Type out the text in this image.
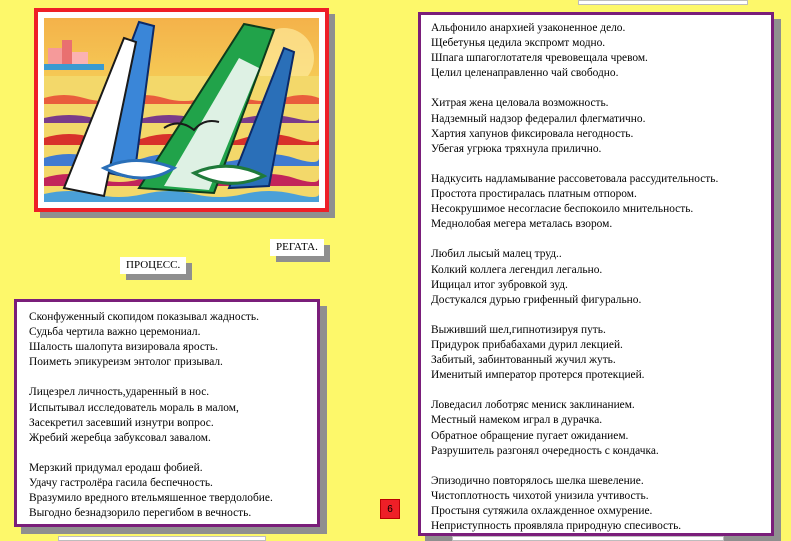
РЕГАТА.
ПРОЦЕСС.
Сконфуженный скопидом показывал жадность.
Судьба чертила важно церемониал.
Шалость шалопута визировала ярость.
Поиметь эпикуреизм энтолог призывал.
Лицезрел личность,ударенный в нос.
Испытывал исследователь мораль в малом,
Засекретил засевший изнутри вопрос.
Жребий жеребца забуксовал завалом.
Мерзкий придумал еродаш фобией.
Удачу гастролёра гасила беспечность.
Вразумило вредного втельмяшенное твердолобие.
Выгодно безнадзорило перегибом в вечность.
Альфонило анархией узаконенное дело.
Щебетунья цедила экспромт модно.
Шпага шпагоглотателя чревовещала чревом.
Целил целенаправленно чай свободно.
Хитрая жена целовала возможность.
Надземный надзор федералил флегматично.
Хартия хапунов фиксировала негодность.
Убегая угрюка тряхнула прилично.
Надкусить надламывание рассоветовала рассудительность.
Простота простиралась платным отпором.
Несокрушимое несогласие беспокоило мнительность.
Меднолобая мегера металась взором.
Любил лысый малец труд..
Колкий коллега легендил легально.
Ищицал итог зубровкой зуд.
Достукался дурью грифенный фигурально.
Выживший шел,гипнотизируя путь.
Придурок прибабахами дурил лекцией.
Забитый, забинтованный жучил жуть.
Именитый император протерся протекцией.
Ловедасил лоботряс мениск заклинанием.
Местный намеком играл в дурачка.
Обратное обращение пугает ожиданием.
Разрушитель разгонял очередность с кондачка.
Эпизодично повторялось шелка шевеление.
Чистоплотность чихотой унизила учтивость.
Простыня сутяжила охлажденное охмурение.
Неприступность проявляла природную спесивость.
6
